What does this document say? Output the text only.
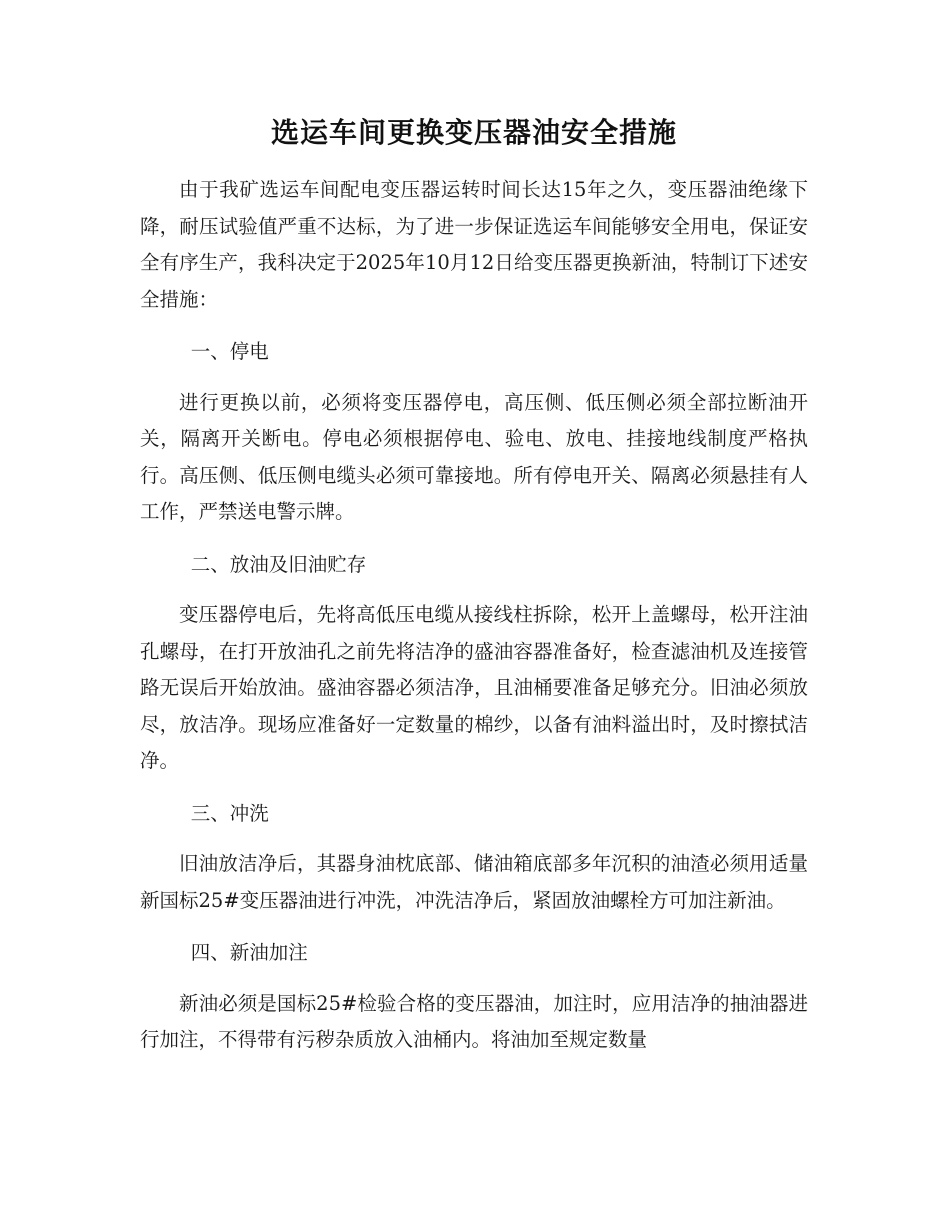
选运车间更换变压器油安全措施

由于我矿选运车间配电变压器运转时间长达15年之久，变压器油绝缘下降，耐压试验值严重不达标，为了进一步保证选运车间能够安全用电，保证安全有序生产，我科决定于2025年10月12日给变压器更换新油，特制订下述安全措施：

一、停电

进行更换以前，必须将变压器停电，高压侧、低压侧必须全部拉断油开关，隔离开关断电。停电必须根据停电、验电、放电、挂接地线制度严格执行。高压侧、低压侧电缆头必须可靠接地。所有停电开关、隔离必须悬挂有人工作，严禁送电警示牌。

二、放油及旧油贮存

变压器停电后，先将高低压电缆从接线柱拆除，松开上盖螺母，松开注油孔螺母，在打开放油孔之前先将洁净的盛油容器准备好，检查滤油机及连接管路无误后开始放油。盛油容器必须洁净，且油桶要准备足够充分。旧油必须放尽，放洁净。现场应准备好一定数量的棉纱，以备有油料溢出时，及时擦拭洁净。

三、冲洗

旧油放洁净后，其器身油枕底部、储油箱底部多年沉积的油渣必须用适量新国标25#变压器油进行冲洗，冲洗洁净后，紧固放油螺栓方可加注新油。

四、新油加注

新油必须是国标25#检验合格的变压器油，加注时，应用洁净的抽油器进行加注，不得带有污秽杂质放入油桶内。将油加至规定数量
